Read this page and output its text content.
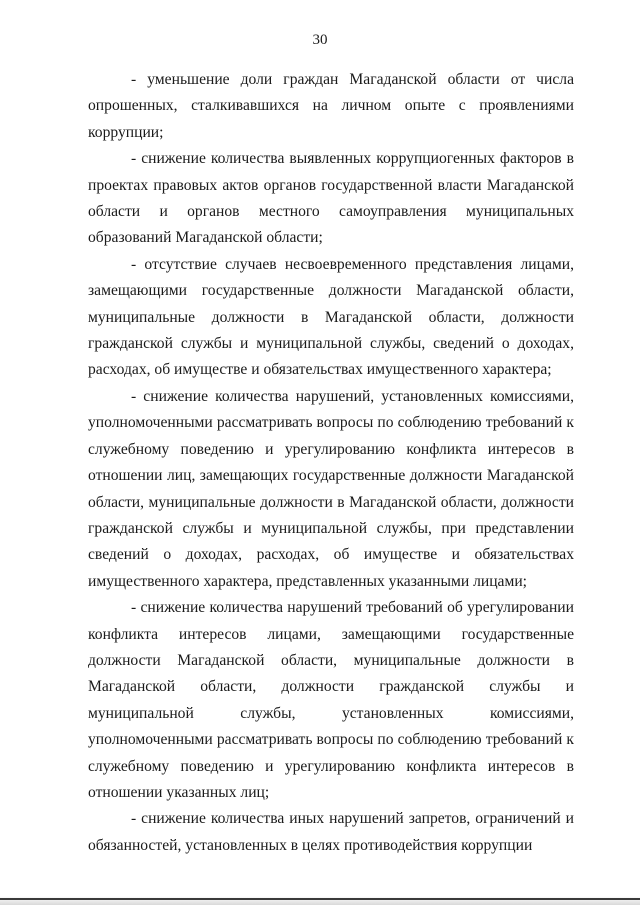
30

- уменьшение доли граждан Магаданской области от числа опрошенных, сталкивавшихся на личном опыте с проявлениями коррупции;

- снижение количества выявленных коррупциогенных факторов в проектах правовых актов органов государственной власти Магаданской области и органов местного самоуправления муниципальных образований Магаданской области;

- отсутствие случаев несвоевременного представления лицами, замещающими государственные должности Магаданской области, муниципальные должности в Магаданской области, должности гражданской службы и муниципальной службы, сведений о доходах, расходах, об имуществе и обязательствах имущественного характера;

- снижение количества нарушений, установленных комиссиями, уполномоченными рассматривать вопросы по соблюдению требований к служебному поведению и урегулированию конфликта интересов в отношении лиц, замещающих государственные должности Магаданской области, муниципальные должности в Магаданской области, должности гражданской службы и муниципальной службы, при представлении сведений о доходах, расходах, об имуществе и обязательствах имущественного характера, представленных указанными лицами;

- снижение количества нарушений требований об урегулировании конфликта интересов лицами, замещающими государственные должности Магаданской области, муниципальные должности в Магаданской области, должности гражданской службы и муниципальной службы, установленных комиссиями, уполномоченными рассматривать вопросы по соблюдению требований к служебному поведению и урегулированию конфликта интересов в отношении указанных лиц;

- снижение количества иных нарушений запретов, ограничений и обязанностей, установленных в целях противодействия коррупции
